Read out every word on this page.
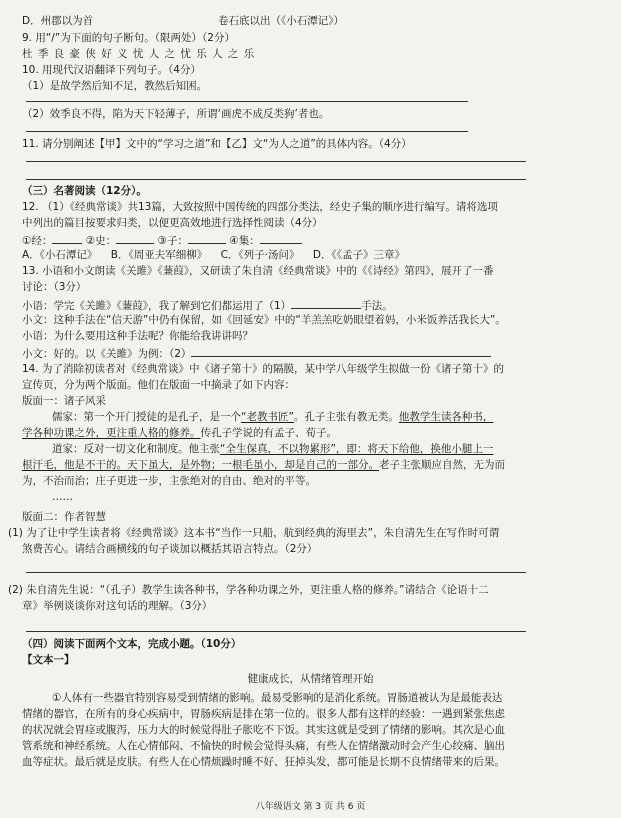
D．州郡以为首	卷石底以出（《小石潭记》）
9. 用“/”为下面的句子断句。（限两处）（2分）
杜 季 良 豪 侠 好 义 忧 人 之 忧 乐 人 之 乐
10. 用现代汉语翻译下列句子。（4分）
（1）是故学然后知不足，教然后知困。
（2）效季良不得，陷为天下轻薄子，所谓‘画虎不成反类狗’者也。
11. 请分别阐述【甲】文中的“学习之道”和【乙】文“为人之道”的具体内容。（4分）
（三）名著阅读（12分）。
12. （1）《经典常谈》共13篇，大致按照中国传统的四部分类法，经史子集的顺序进行编写。请将选项
中列出的篇目按要求归类，以便更高效地进行选择性阅读（4分）
①经：	②史：	③子：	④集：
A．《小石潭记》    B．《周亚夫军细柳》    C．《列子·汤问》    D．《《孟子》三章》
13. 小语和小文朗读《关雎》《蒹葭》，又研读了朱自清《经典常谈》中的《《诗经》第四》，展开了一番
讨论：（3分）
小语：学完《关雎》《蒹葭》，我了解到它们都运用了（1）	手法。
小文：这种手法在“信天游”中仍有保留，如《回延安》中的“羊羔羔吃奶眼望着妈，小米饭养活我长大”。
小语：为什么要用这种手法呢？你能给我讲讲吗？
小文：好的。以《关雎》为例：（2）
14. 为了消除初读者对《经典常谈》中《诸子第十》的隔膜，某中学八年级学生拟做一份《诸子第十》的
宣传页，分为两个版面。他们在版面一中摘录了如下内容：
版面一：诸子风采
儒家：第一个开门授徒的是孔子，是一个“老教书匠”。孔子主张有教无类。他教学生读各种书，
学各种功课之外，更注重人格的修养。传孔子学说的有孟子、荀子。
道家：反对一切文化和制度。他主张“全生保真，不以物累形”，即：将天下给他，换他小腿上一
根汗毛，他是不干的。天下虽大，是外物；一根毛虽小，却是自己的一部分。老子主张顺应自然，无为而
为，不治而治；庄子更进一步，主张绝对的自由、绝对的平等。
……
版面二：作者智慧
(1) 为了让中学生读者将《经典常谈》这本书“当作一只船，航到经典的海里去”，朱自清先生在写作时可谓
煞费苦心。请结合画横线的句子谈加以概括其语言特点。（2分）
(2) 朱自清先生说：“（孔子）教学生读各种书，学各种功课之外，更注重人格的修养。”请结合《论语十二
章》举例谈谈你对这句话的理解。（3分）
（四）阅读下面两个文本，完成小题。（10分）
【文本一】
健康成长，从情绪管理开始
①人体有一些器官特别容易受到情绪的影响。最易受影响的是消化系统。胃肠道被认为是最能表达
情绪的器官，在所有的身心疾病中，胃肠疾病是排在第一位的。很多人都有这样的经验：一遇到紧张焦虑
的状况就会胃痉或腹泻，压力大的时候觉得肚子胀吃不下饭。其实这就是受到了情绪的影响。其次是心血
管系统和神经系统。人在心情郁闷、不愉快的时候会觉得头痛，有些人在情绪激动时会产生心绞痛、脑出
血等症状。最后就是皮肤。有些人在心情烦躁时睡不好、狂掉头发，都可能是长期不良情绪带来的后果。
八年级语文 第 3 页 共 6 页
